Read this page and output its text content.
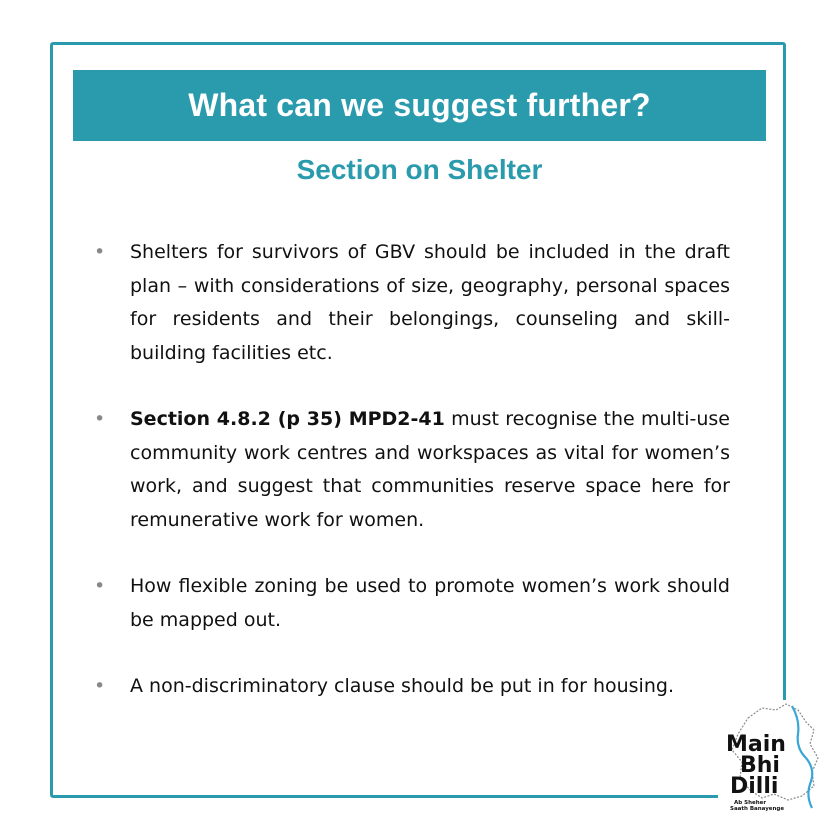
What can we suggest further?
Section on Shelter
• Shelters for survivors of GBV should be included in the draft plan – with considerations of size, geography, personal spaces for residents and their belongings, counseling and skill-building facilities etc.
• Section 4.8.2 (p 35) MPD2-41 must recognise the multi-use community work centres and workspaces as vital for women’s work, and suggest that communities reserve space here for remunerative work for women.
• How flexible zoning be used to promote women’s work should be mapped out.
• A non-discriminatory clause should be put in for housing.
Main
Bhi
Dilli
Ab Sheher
Saath Banayenge
